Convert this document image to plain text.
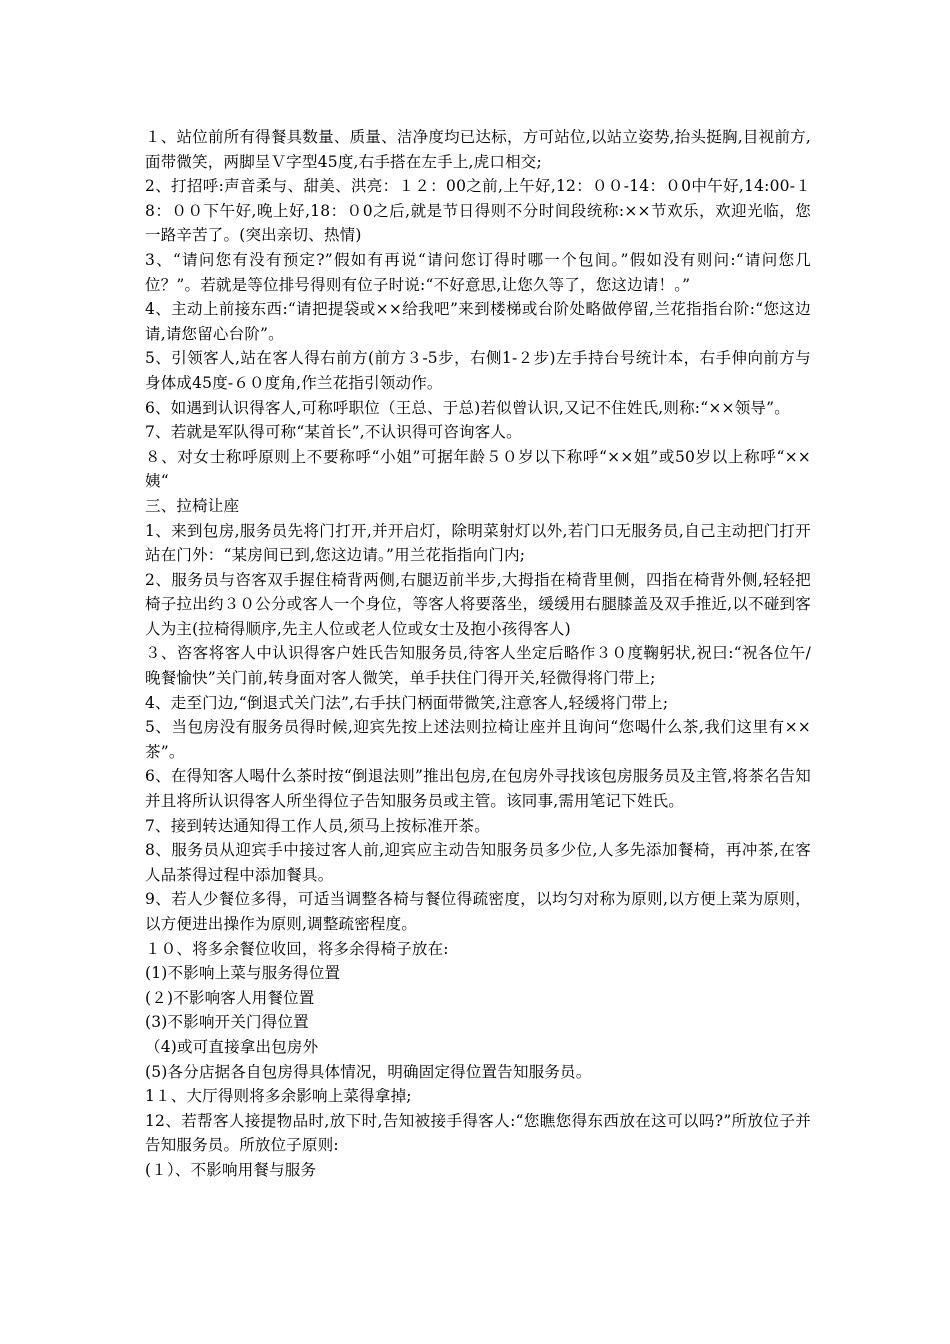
１、站位前所有得餐具数量、质量、洁净度均已达标，方可站位,以站立姿势,抬头挺胸,目视前方,面带微笑，两脚呈Ｖ字型45度,右手搭在左手上,虎口相交;

2、打招呼:声音柔与、甜美、洪亮：１２：00之前,上午好,12：００-14：０0中午好,14:00-１8：００下午好,晚上好,18：０0之后,就是节日得则不分时间段统称:××节欢乐，欢迎光临，您一路辛苦了。(突出亲切、热情)

3、“请问您有没有预定?”假如有再说“请问您订得时哪一个包间。”假如没有则问:“请问您几位？”。若就是等位排号得则有位子时说:“不好意思,让您久等了，您这边请！。”

4、主动上前接东西:“请把提袋或××给我吧”来到楼梯或台阶处略做停留,兰花指指台阶:“您这边请,请您留心台阶”。

5、引领客人,站在客人得右前方(前方３-5步，右侧1-２步)左手持台号统计本，右手伸向前方与身体成45度-６０度角,作兰花指引领动作。

6、如遇到认识得客人,可称呼职位（王总、于总)若似曾认识,又记不住姓氏,则称:“××领导”。

7、若就是军队得可称“某首长”,不认识得可咨询客人。

８、对女士称呼原则上不要称呼“小姐”可据年龄５０岁以下称呼“××姐”或50岁以上称呼“××姨“

三、拉椅让座

1、来到包房,服务员先将门打开,并开启灯，除明菜射灯以外,若门口无服务员,自己主动把门打开站在门外：“某房间已到,您这边请。”用兰花指指向门内;

2、服务员与咨客双手握住椅背两侧,右腿迈前半步,大拇指在椅背里侧，四指在椅背外侧,轻轻把椅子拉出约３０公分或客人一个身位，等客人将要落坐，缓缓用右腿膝盖及双手推近,以不碰到客人为主(拉椅得顺序,先主人位或老人位或女士及抱小孩得客人)

３、咨客将客人中认识得客户姓氏告知服务员,待客人坐定后略作３０度鞠躬状,祝曰:“祝各位午/晚餐愉快”关门前,转身面对客人微笑，单手扶住门得开关,轻微得将门带上;

4、走至门边,“倒退式关门法”,右手扶门柄面带微笑,注意客人,轻缓将门带上;

5、当包房没有服务员得时候,迎宾先按上述法则拉椅让座并且询问“您喝什么茶,我们这里有××茶”。

6、在得知客人喝什么茶时按“倒退法则”推出包房,在包房外寻找该包房服务员及主管,将茶名告知并且将所认识得客人所坐得位子告知服务员或主管。该同事,需用笔记下姓氏。

7、接到转达通知得工作人员,须马上按标准开茶。

8、服务员从迎宾手中接过客人前,迎宾应主动告知服务员多少位,人多先添加餐椅，再冲茶,在客人品茶得过程中添加餐具。

9、若人少餐位多得，可适当调整各椅与餐位得疏密度，以均匀对称为原则,以方便上菜为原则，以方便进出操作为原则,调整疏密程度。

１０、将多余餐位收回，将多余得椅子放在:

(1)不影响上菜与服务得位置

(２)不影响客人用餐位置

(3)不影响开关门得位置

（4)或可直接拿出包房外

(5)各分店据各自包房得具体情况，明确固定得位置告知服务员。

1１、大厅得则将多余影响上菜得拿掉;

12、若帮客人接提物品时,放下时,告知被接手得客人:“您瞧您得东西放在这可以吗?”所放位子并告知服务员。所放位子原则:

(１）、不影响用餐与服务
